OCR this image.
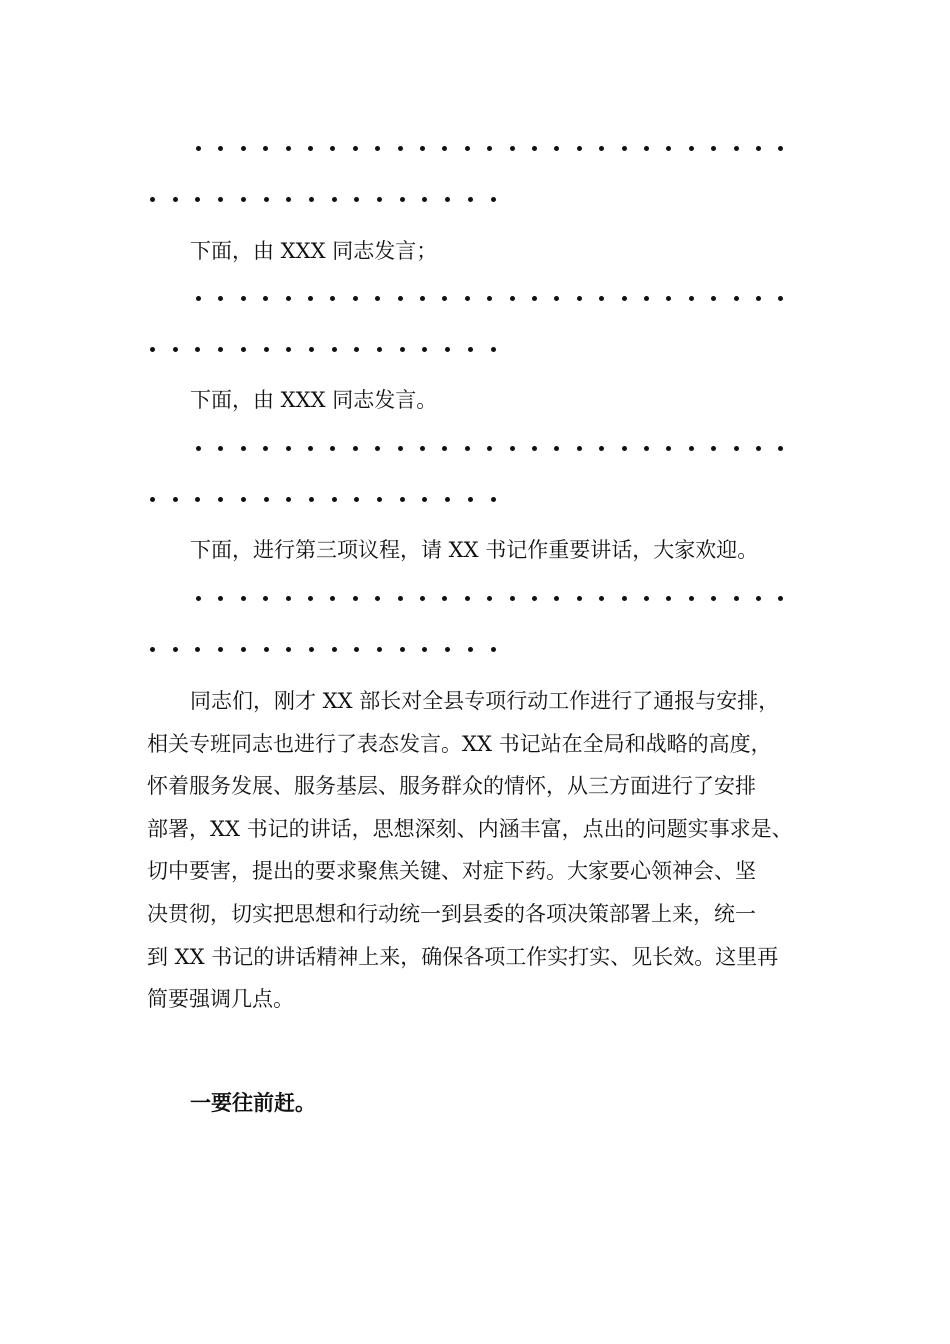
下面，由 XXX 同志发言；

下面，由 XXX 同志发言。

下面，进行第三项议程，请 XX 书记作重要讲话，大家欢迎。

同志们，刚才 XX 部长对全县专项行动工作进行了通报与安排，
相关专班同志也进行了表态发言。XX 书记站在全局和战略的高度，
怀着服务发展、服务基层、服务群众的情怀，从三方面进行了安排
部署，XX 书记的讲话，思想深刻、内涵丰富，点出的问题实事求是、
切中要害，提出的要求聚焦关键、对症下药。大家要心领神会、坚
决贯彻，切实把思想和行动统一到县委的各项决策部署上来，统一
到 XX 书记的讲话精神上来，确保各项工作实打实、见长效。这里再
简要强调几点。

一要往前赶。
